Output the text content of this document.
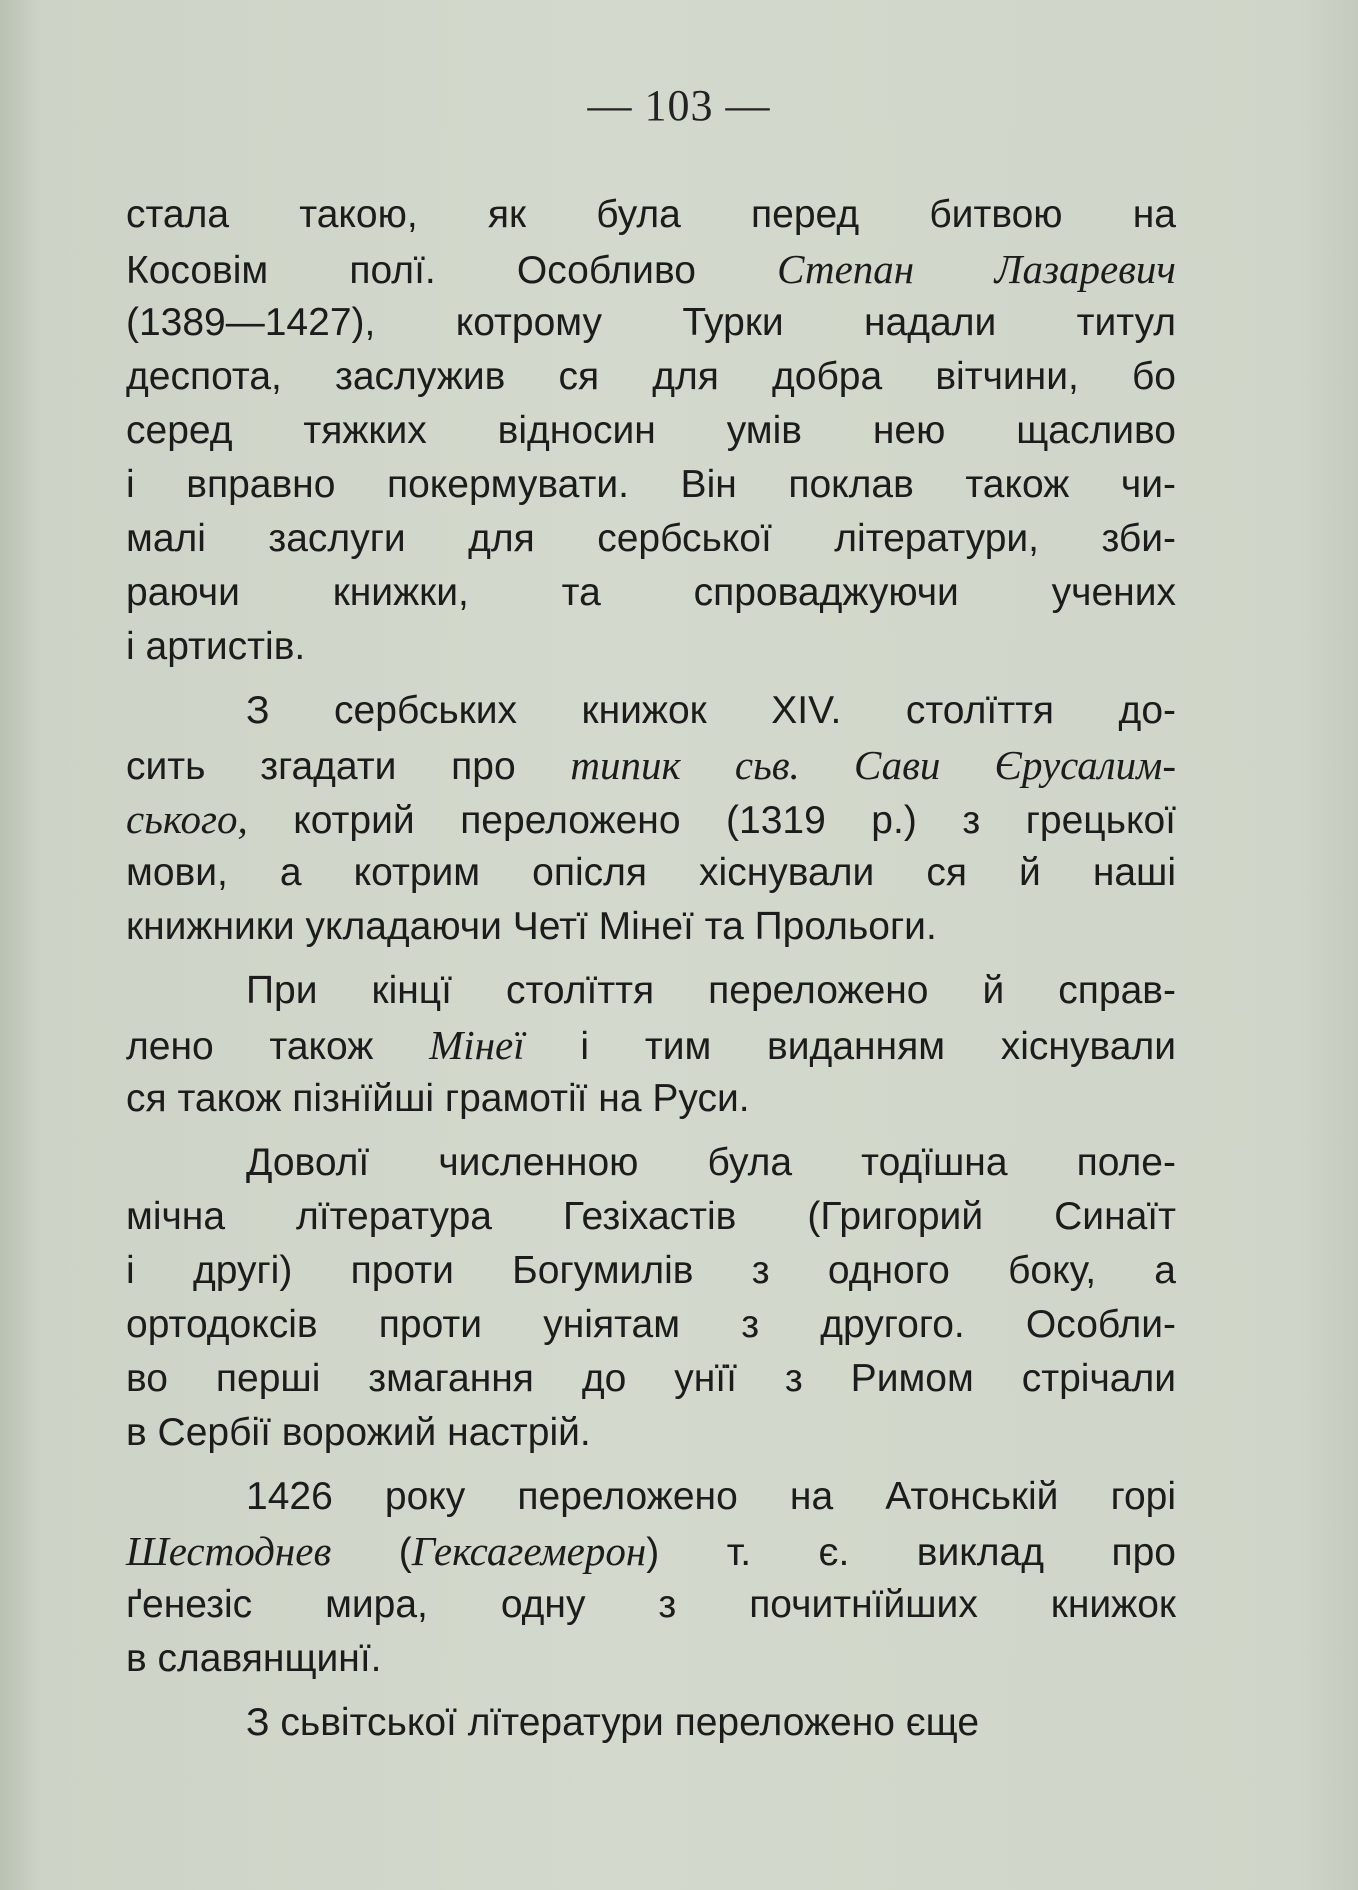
— 103 —
стала такою, як була перед битвою на
Косовім полї. Особливо Степан Лазаревич
(1389—1427), котрому Турки надали титул
деспота, заслужив ся для добра вітчини, бо
серед тяжких відносин умів нею щасливо
і вправно покермувати. Він поклав також чи-
малі заслуги для сербської літератури, зби-
раючи книжки, та спроваджуючи учених
і артистів.
З сербських книжок XIV. столїття до-
сить згадати про типик сьв. Сави Єрусалим-
ського, котрий переложено (1319 р.) з грецької
мови, а котрим опісля хіснували ся й наші
книжники укладаючи Четї Мінеї та Прольоги.
При кінцї столїття переложено й справ-
лено також Мінеї і тим виданням хіснували
ся також пізнїйші грамотії на Руси.
Доволї численною була тодїшна поле-
мічна лїтература Гезіхастів (Григорий Синаїт
і другі) проти Богумилів з одного боку, а
ортодоксів проти уніятам з другого. Особли-
во перші змагання до унїї з Римом стрічали
в Сербії ворожий настрій.
1426 року переложено на Атонській горі
Шестоднев (Гексагемерон) т. є. виклад про
ґенезіс мира, одну з почитнїйших книжок
в славянщинї.
З сьвітської лїтератури переложено єще
